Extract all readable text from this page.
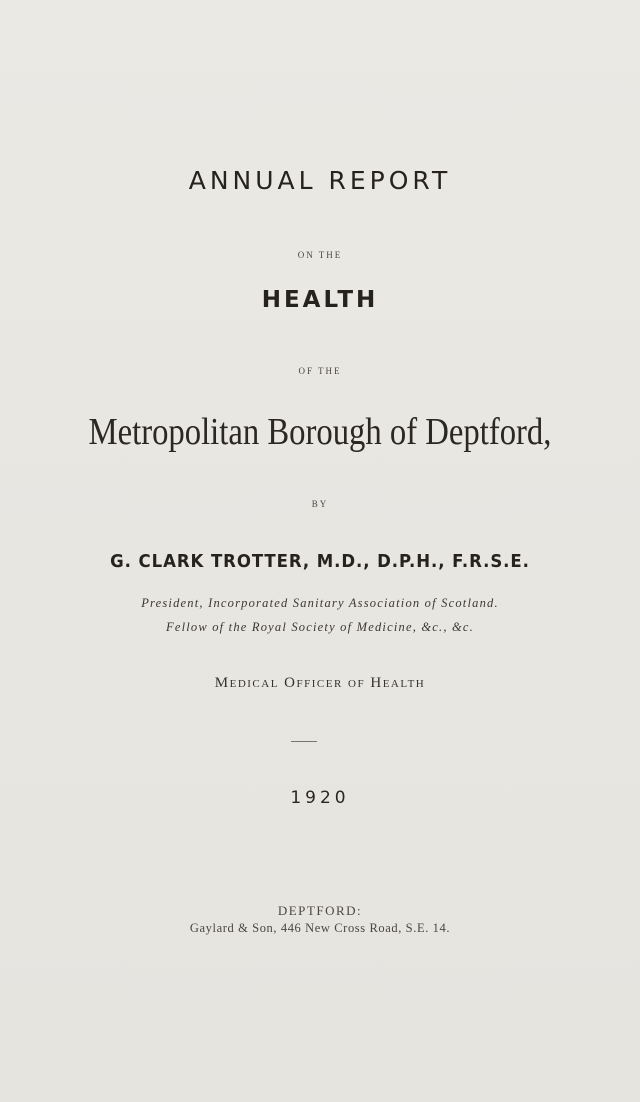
ANNUAL REPORT
ON THE
HEALTH
OF THE
Metropolitan Borough of Deptford,
BY
G. CLARK TROTTER, M.D., D.P.H., F.R.S.E.
President, Incorporated Sanitary Association of Scotland.
Fellow of the Royal Society of Medicine, &c., &c.
Medical Officer of Health
1920
DEPTFORD:
Gaylard & Son, 446 New Cross Road, S.E. 14.
